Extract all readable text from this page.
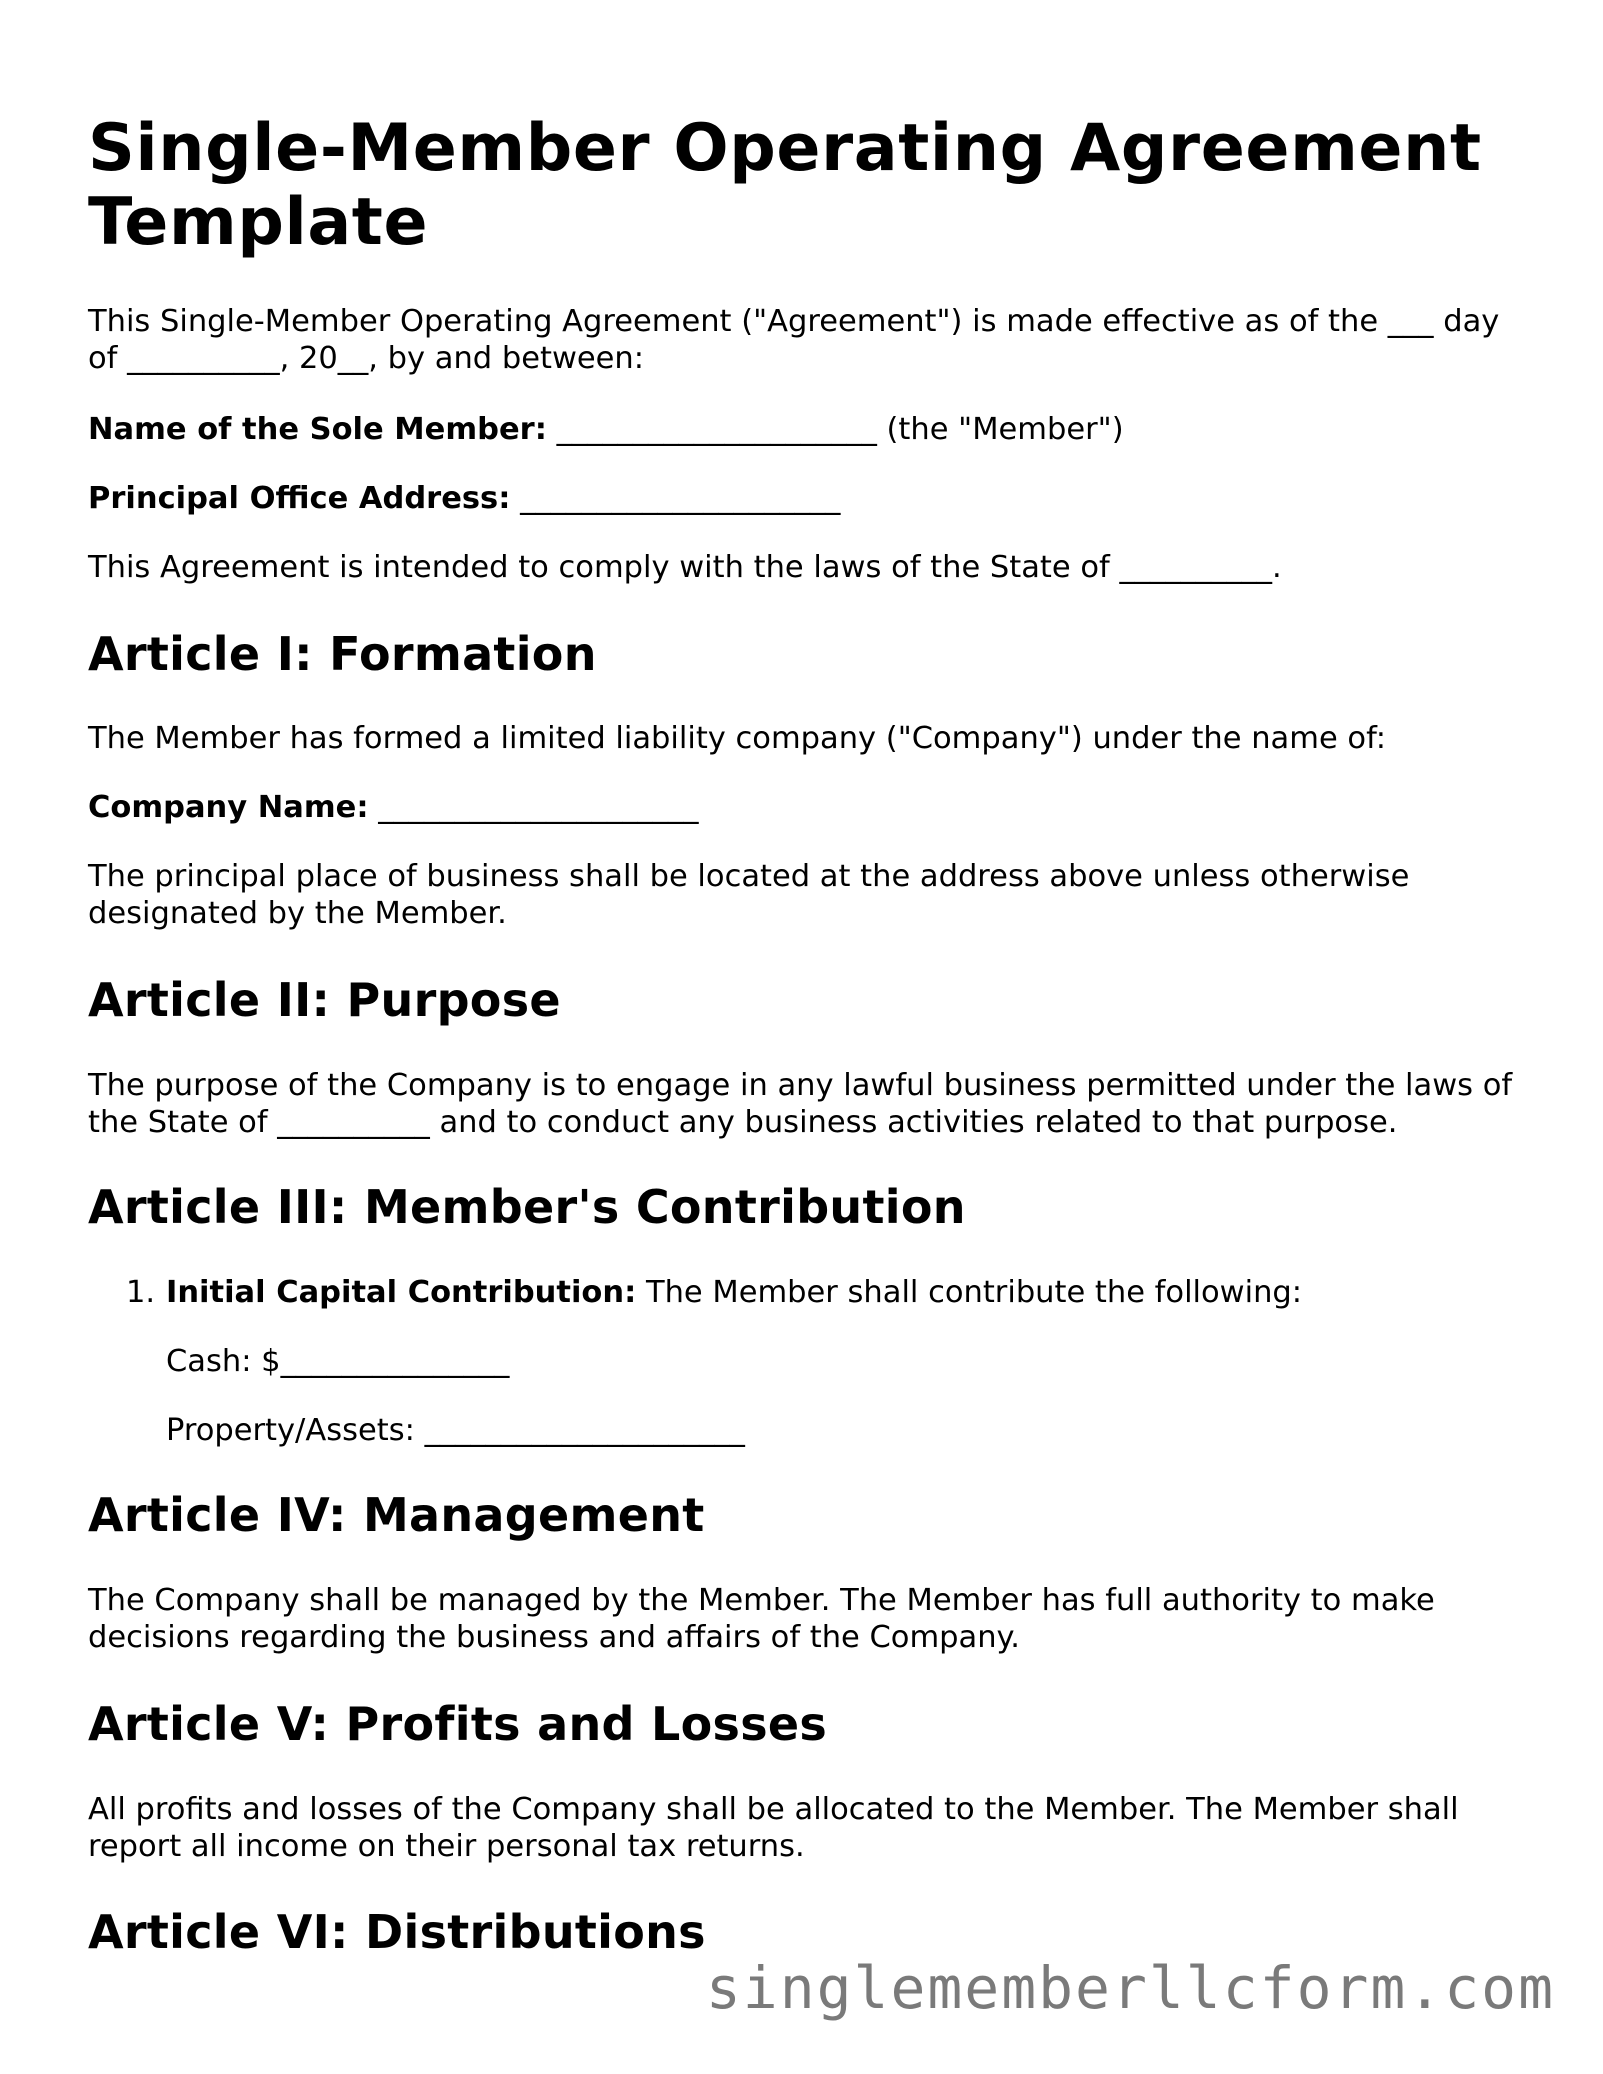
Single-Member Operating Agreement Template
This Single-Member Operating Agreement ("Agreement") is made effective as of the ___ day of __________, 20__, by and between:
Name of the Sole Member: _____________________ (the "Member")
Principal Office Address: _____________________
This Agreement is intended to comply with the laws of the State of __________.
Article I: Formation
The Member has formed a limited liability company ("Company") under the name of:
Company Name: _____________________
The principal place of business shall be located at the address above unless otherwise designated by the Member.
Article II: Purpose
The purpose of the Company is to engage in any lawful business permitted under the laws of the State of __________ and to conduct any business activities related to that purpose.
Article III: Member's Contribution
1. Initial Capital Contribution: The Member shall contribute the following:
Cash: $_______________
Property/Assets: _____________________
Article IV: Management
The Company shall be managed by the Member. The Member has full authority to make decisions regarding the business and affairs of the Company.
Article V: Profits and Losses
All profits and losses of the Company shall be allocated to the Member. The Member shall report all income on their personal tax returns.
Article VI: Distributions
singlememberllcform.com
